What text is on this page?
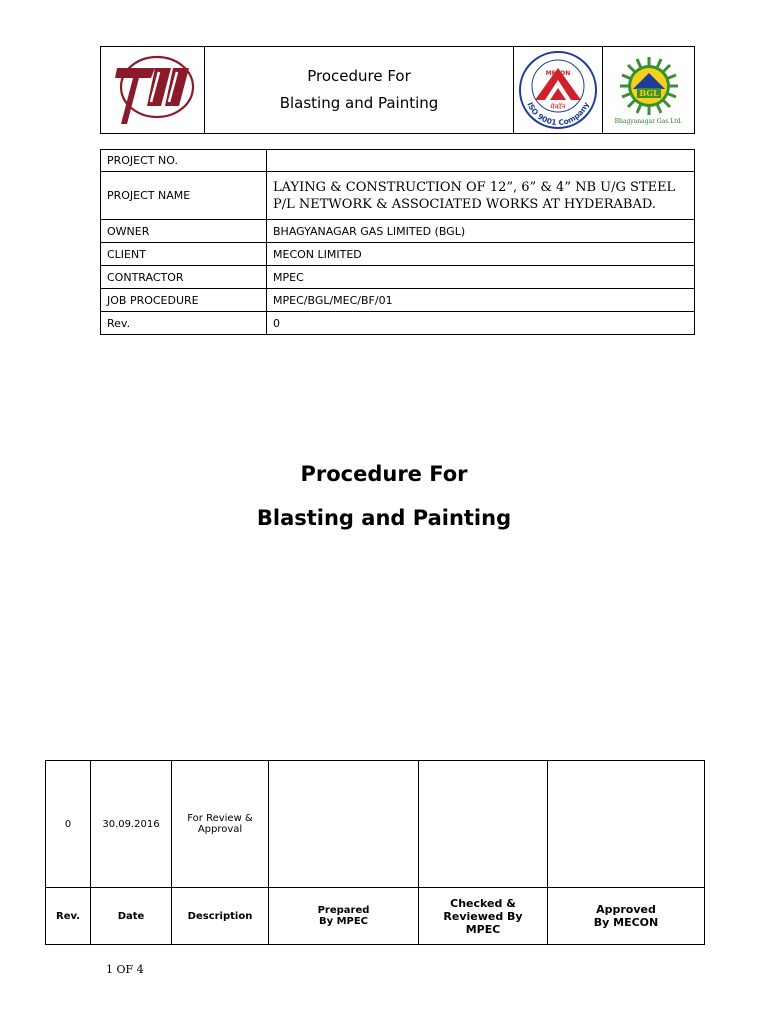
Procedure For
Blasting and Painting
MECON
मेकॉन
ISO 9001 Company
BGL
Bhagyanagar Gas Ltd.
PROJECT NO.	
PROJECT NAME	LAYING & CONSTRUCTION OF 12”, 6” & 4” NB U/G STEEL P/L NETWORK & ASSOCIATED WORKS AT HYDERABAD.
OWNER	BHAGYANAGAR GAS LIMITED (BGL)
CLIENT	MECON LIMITED
CONTRACTOR	MPEC
JOB PROCEDURE	MPEC/BGL/MEC/BF/01
Rev.	0
Procedure For
Blasting and Painting
0	30.09.2016	For Review & Approval			
Rev.	Date	Description	Prepared By MPEC	Checked & Reviewed By MPEC	Approved By MECON
1 OF 4
